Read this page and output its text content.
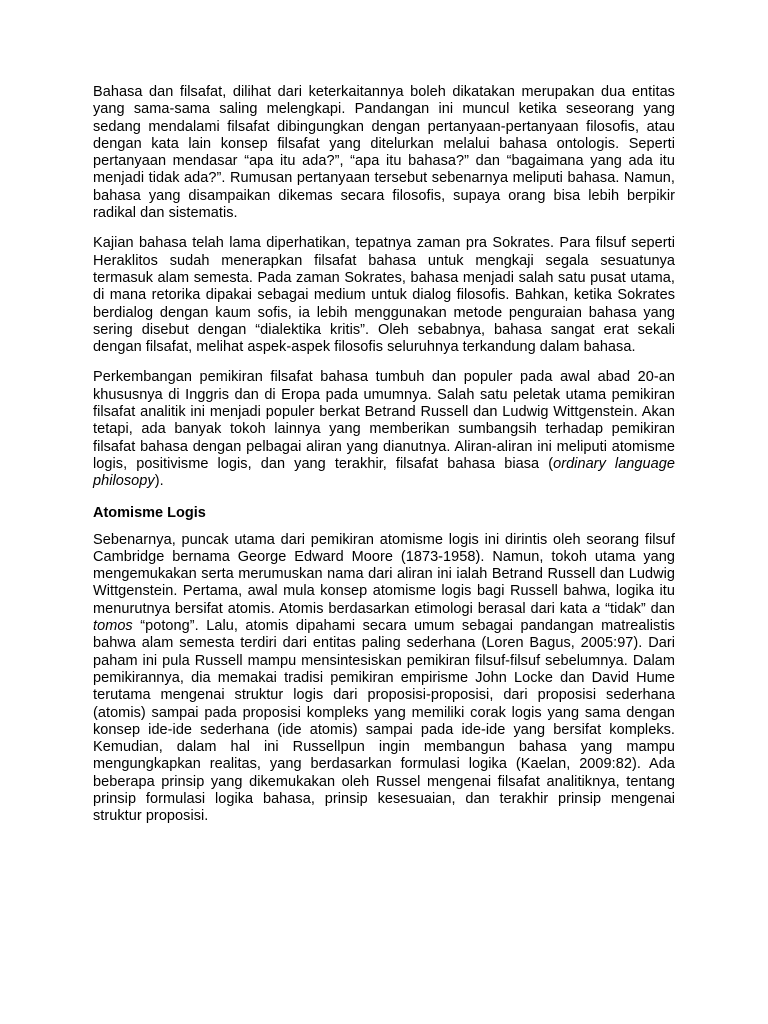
Bahasa dan filsafat, dilihat dari keterkaitannya boleh dikatakan merupakan dua entitas yang sama-sama saling melengkapi. Pandangan ini muncul ketika seseorang yang sedang mendalami filsafat dibingungkan dengan pertanyaan-pertanyaan filosofis, atau dengan kata lain konsep filsafat yang ditelurkan melalui bahasa ontologis. Seperti pertanyaan mendasar “apa itu ada?”, “apa itu bahasa?” dan “bagaimana yang ada itu menjadi tidak ada?”. Rumusan pertanyaan tersebut sebenarnya meliputi bahasa. Namun, bahasa yang disampaikan dikemas secara filosofis, supaya orang bisa lebih berpikir radikal dan sistematis.

Kajian bahasa telah lama diperhatikan, tepatnya zaman pra Sokrates. Para filsuf seperti Heraklitos sudah menerapkan filsafat bahasa untuk mengkaji segala sesuatunya termasuk alam semesta. Pada zaman Sokrates, bahasa menjadi salah satu pusat utama, di mana retorika dipakai sebagai medium untuk dialog filosofis. Bahkan, ketika Sokrates berdialog dengan kaum sofis, ia lebih menggunakan metode penguraian bahasa yang sering disebut dengan “dialektika kritis”. Oleh sebabnya, bahasa sangat erat sekali dengan filsafat, melihat aspek-aspek filosofis seluruhnya terkandung dalam bahasa.

Perkembangan pemikiran filsafat bahasa tumbuh dan populer pada awal abad 20-an khususnya di Inggris dan di Eropa pada umumnya. Salah satu peletak utama pemikiran filsafat analitik ini menjadi populer berkat Betrand Russell dan Ludwig Wittgenstein. Akan tetapi, ada banyak tokoh lainnya yang memberikan sumbangsih terhadap pemikiran filsafat bahasa dengan pelbagai aliran yang dianutnya. Aliran-aliran ini meliputi atomisme logis, positivisme logis, dan yang terakhir, filsafat bahasa biasa (ordinary language philosopy).

Atomisme Logis

Sebenarnya, puncak utama dari pemikiran atomisme logis ini dirintis oleh seorang filsuf Cambridge bernama George Edward Moore (1873-1958). Namun, tokoh utama yang mengemukakan serta merumuskan nama dari aliran ini ialah Betrand Russell dan Ludwig Wittgenstein. Pertama, awal mula konsep atomisme logis bagi Russell bahwa, logika itu menurutnya bersifat atomis. Atomis berdasarkan etimologi berasal dari kata a “tidak” dan tomos “potong”. Lalu, atomis dipahami secara umum sebagai pandangan matrealistis bahwa alam semesta terdiri dari entitas paling sederhana (Loren Bagus, 2005:97). Dari paham ini pula Russell mampu mensintesiskan pemikiran filsuf-filsuf sebelumnya. Dalam pemikirannya, dia memakai tradisi pemikiran empirisme John Locke dan David Hume terutama mengenai struktur logis dari proposisi-proposisi, dari proposisi sederhana (atomis) sampai pada proposisi kompleks yang memiliki corak logis yang sama dengan konsep ide-ide sederhana (ide atomis) sampai pada ide-ide yang bersifat kompleks. Kemudian, dalam hal ini Russellpun ingin membangun bahasa yang mampu mengungkapkan realitas, yang berdasarkan formulasi logika (Kaelan, 2009:82). Ada beberapa prinsip yang dikemukakan oleh Russel mengenai filsafat analitiknya, tentang prinsip formulasi logika bahasa, prinsip kesesuaian, dan terakhir prinsip mengenai struktur proposisi.
